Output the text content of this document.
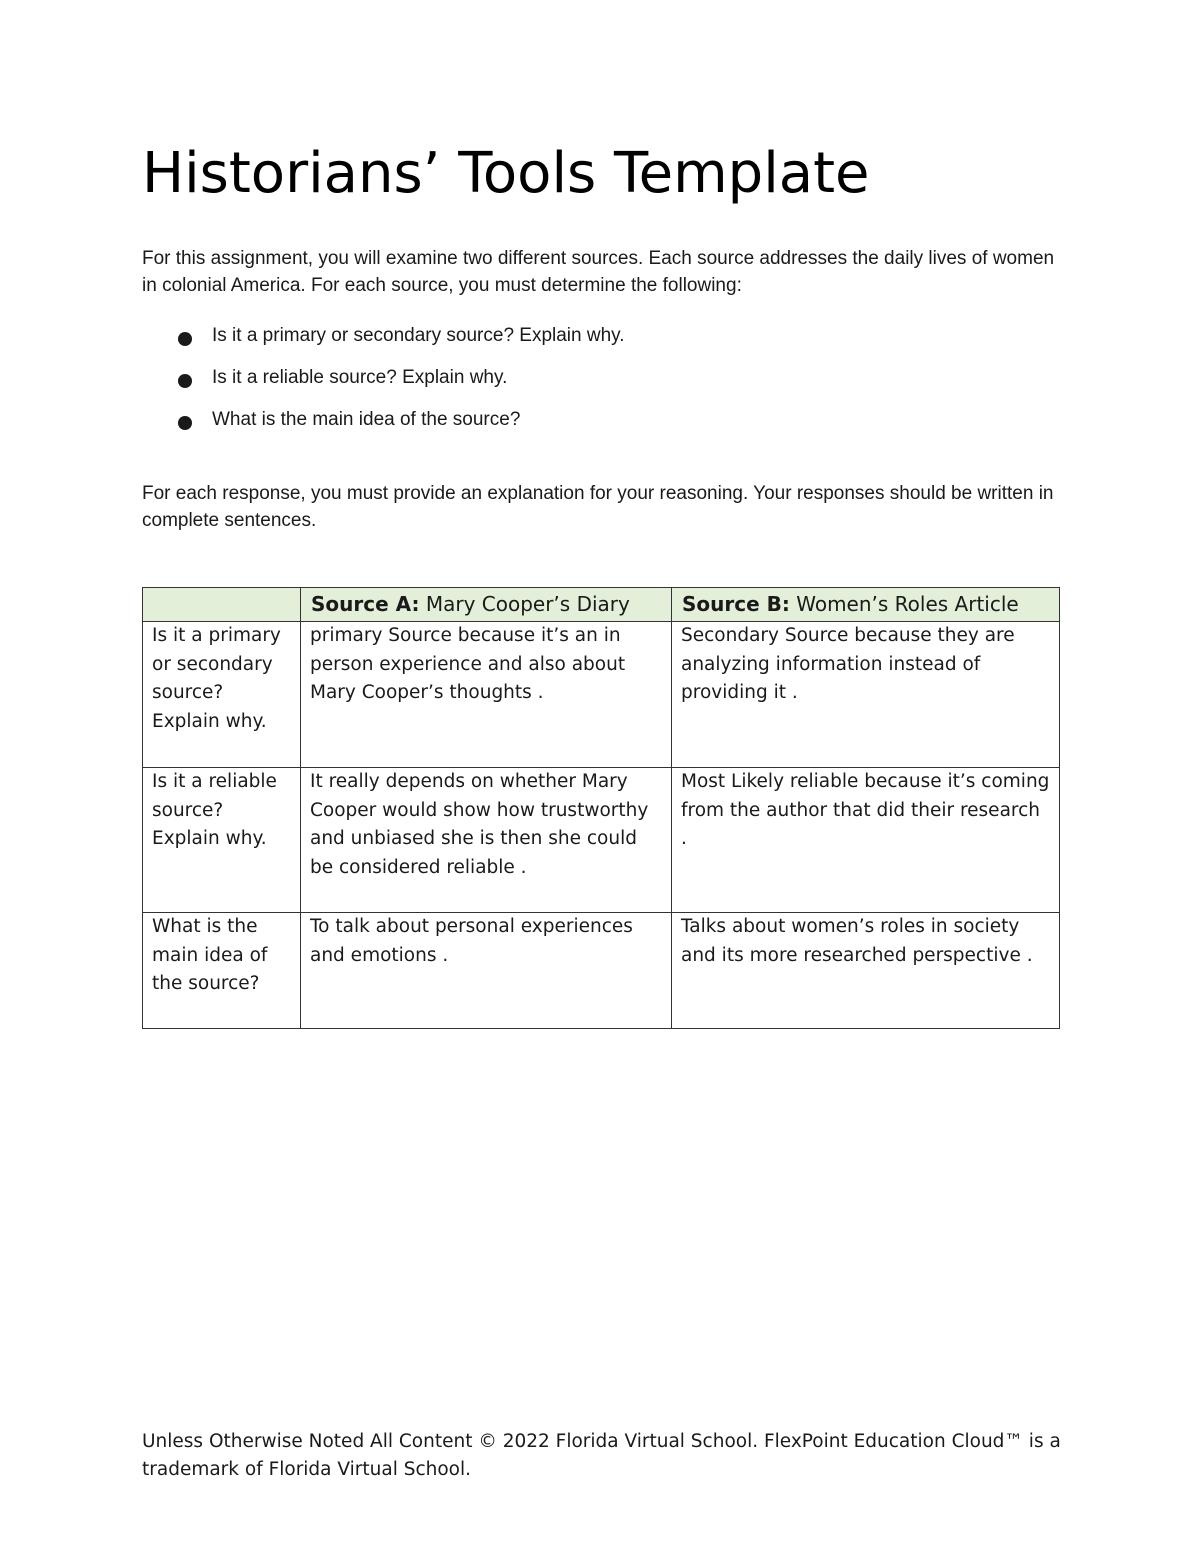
Historians’ Tools Template

For this assignment, you will examine two different sources. Each source addresses the daily lives of women in colonial America. For each source, you must determine the following:

Is it a primary or secondary source? Explain why.
Is it a reliable source? Explain why.
What is the main idea of the source?

For each response, you must provide an explanation for your reasoning. Your responses should be written in complete sentences.

	Source A: Mary Cooper’s Diary	Source B: Women’s Roles Article
Is it a primary or secondary source? Explain why.	primary Source because it’s an in person experience and also about Mary Cooper’s thoughts .	Secondary Source because they are analyzing information instead of providing it .
Is it a reliable source? Explain why.	It really depends on whether Mary Cooper would show how trustworthy and unbiased she is then she could be considered reliable .	Most Likely reliable because it’s coming from the author that did their research .
What is the main idea of the source?	To talk about personal experiences and emotions .	Talks about women’s roles in society and its more researched perspective .

Unless Otherwise Noted All Content © 2022 Florida Virtual School. FlexPoint Education Cloud™ is a trademark of Florida Virtual School.
